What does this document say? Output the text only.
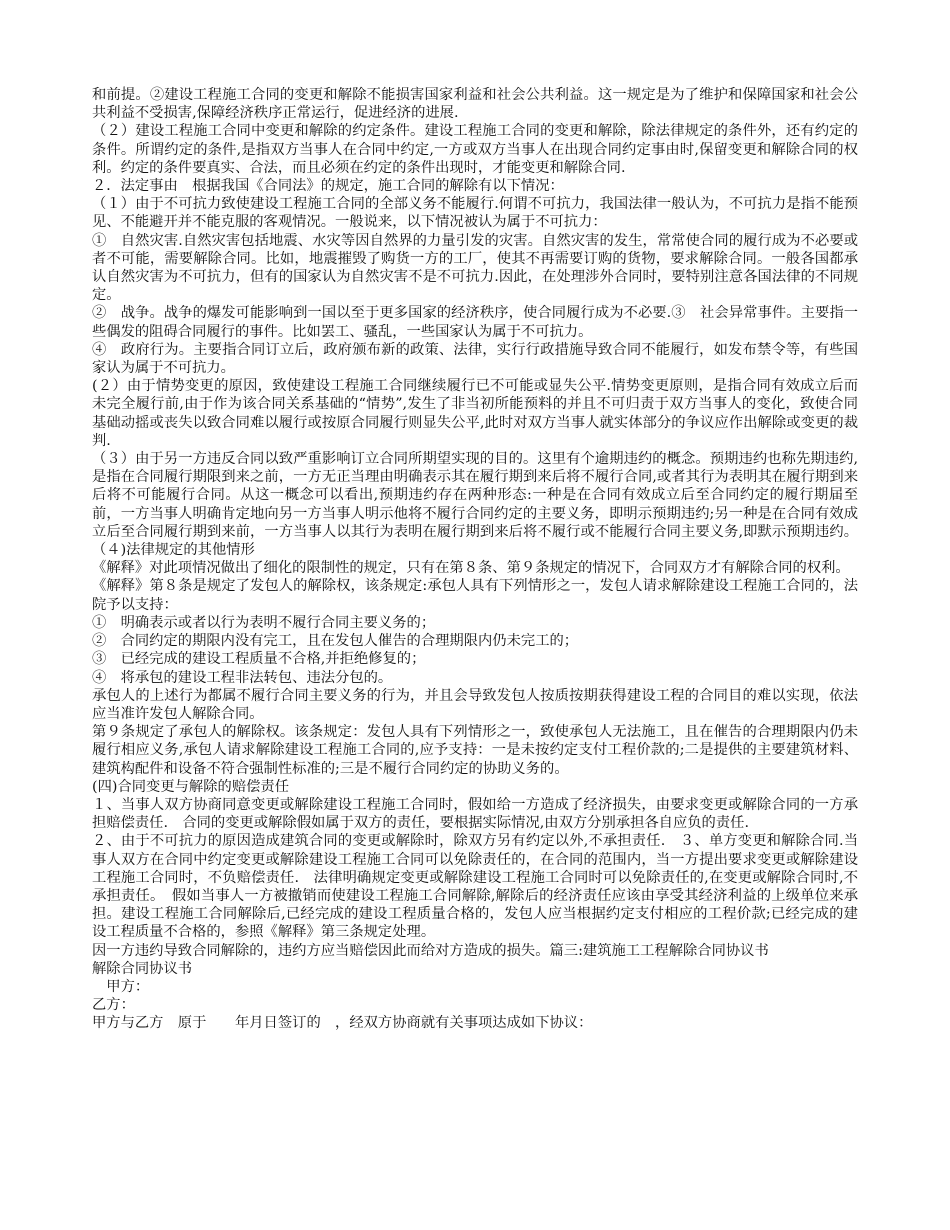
和前提。②建设工程施工合同的变更和解除不能损害国家利益和社会公共利益。这一规定是为了维护和保障国家和社会公共利益不受损害,保障经济秩序正常运行，促进经济的进展.

（２）建设工程施工合同中变更和解除的约定条件。建设工程施工合同的变更和解除，除法律规定的条件外，还有约定的条件。所谓约定的条件,是指双方当事人在合同中约定,一方或双方当事人在出现合同约定事由时,保留变更和解除合同的权利。约定的条件要真实、合法，而且必须在约定的条件出现时，才能变更和解除合同.

２．法定事由　根据我国《合同法》的规定，施工合同的解除有以下情况：

（１）由于不可抗力致使建设工程施工合同的全部义务不能履行.何谓不可抗力，我国法律一般认为，不可抗力是指不能预见、不能避开并不能克服的客观情况。一般说来，以下情况被认为属于不可抗力：

①　自然灾害.自然灾害包括地震、水灾等因自然界的力量引发的灾害。自然灾害的发生，常常使合同的履行成为不必要或者不可能，需要解除合同。比如，地震摧毁了购货一方的工厂，使其不再需要订购的货物，要求解除合同。一般各国都承认自然灾害为不可抗力，但有的国家认为自然灾害不是不可抗力.因此，在处理涉外合同时，要特别注意各国法律的不同规定。

②　战争。战争的爆发可能影响到一国以至于更多国家的经济秩序，使合同履行成为不必要.③　社会异常事件。主要指一些偶发的阻碍合同履行的事件。比如罢工、骚乱，一些国家认为属于不可抗力。

④　政府行为。主要指合同订立后，政府颁布新的政策、法律，实行行政措施导致合同不能履行，如发布禁令等，有些国家认为属于不可抗力。

(２）由于情势变更的原因，致使建设工程施工合同继续履行已不可能或显失公平.情势变更原则，是指合同有效成立后而未完全履行前,由于作为该合同关系基础的“情势”,发生了非当初所能预料的并且不可归责于双方当事人的变化，致使合同基础动摇或丧失以致合同难以履行或按原合同履行则显失公平,此时对双方当事人就实体部分的争议应作出解除或变更的裁判.

（３）由于另一方违反合同以致严重影响订立合同所期望实现的目的。这里有个逾期违约的概念。预期违约也称先期违约,是指在合同履行期限到来之前，一方无正当理由明确表示其在履行期到来后将不履行合同,或者其行为表明其在履行期到来后将不可能履行合同。从这一概念可以看出,预期违约存在两种形态:一种是在合同有效成立后至合同约定的履行期届至前，一方当事人明确肯定地向另一方当事人明示他将不履行合同约定的主要义务，即明示预期违约;另一种是在合同有效成立后至合同履行期到来前，一方当事人以其行为表明在履行期到来后将不履行或不能履行合同主要义务,即默示预期违约。（４)法律规定的其他情形

《解释》对此项情况做出了细化的限制性的规定，只有在第８条、第９条规定的情况下，合同双方才有解除合同的权利。

《解释》第８条是规定了发包人的解除权，该条规定:承包人具有下列情形之一，发包人请求解除建设工程施工合同的，法院予以支持：

①　明确表示或者以行为表明不履行合同主要义务的；

②　合同约定的期限内没有完工，且在发包人催告的合理期限内仍未完工的；

③　已经完成的建设工程质量不合格,并拒绝修复的；

④　将承包的建设工程非法转包、违法分包的。

承包人的上述行为都属不履行合同主要义务的行为，并且会导致发包人按质按期获得建设工程的合同目的难以实现，依法应当准许发包人解除合同。

第９条规定了承包人的解除权。该条规定：发包人具有下列情形之一，致使承包人无法施工，且在催告的合理期限内仍未履行相应义务,承包人请求解除建设工程施工合同的,应予支持：一是未按约定支付工程价款的;二是提供的主要建筑材料、建筑构配件和设备不符合强制性标准的;三是不履行合同约定的协助义务的。

(四)合同变更与解除的赔偿责任

１、当事人双方协商同意变更或解除建设工程施工合同时，假如给一方造成了经济损失，由要求变更或解除合同的一方承担赔偿责任.　合同的变更或解除假如属于双方的责任，要根据实际情况,由双方分别承担各自应负的责任.

２、由于不可抗力的原因造成建筑合同的变更或解除时，除双方另有约定以外,不承担责任.　３、单方变更和解除合同.当事人双方在合同中约定变更或解除建设工程施工合同可以免除责任的，在合同的范围内，当一方提出要求变更或解除建设工程施工合同时，不负赔偿责任.　法律明确规定变更或解除建设工程施工合同时可以免除责任的,在变更或解除合同时,不承担责任。　假如当事人一方被撤销而使建设工程施工合同解除,解除后的经济责任应该由享受其经济利益的上级单位来承担。建设工程施工合同解除后,已经完成的建设工程质量合格的，发包人应当根据约定支付相应的工程价款;已经完成的建设工程质量不合格的，参照《解释》第三条规定处理。

因一方违约导致合同解除的，违约方应当赔偿因此而给对方造成的损失。篇三:建筑施工工程解除合同协议书

解除合同协议书

　甲方：

乙方：

甲方与乙方　原于　　年月日签订的　，经双方协商就有关事项达成如下协议：
